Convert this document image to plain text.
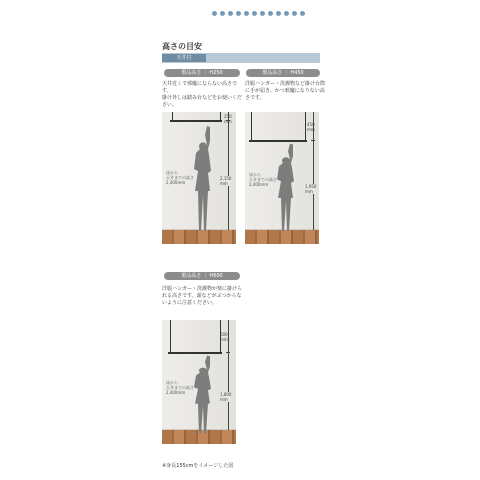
高さの目安
天井付
製品高さ ｜ H250
天井近くで邪魔にならない高さです。
掛け外しは踏み台などをお使いください。
床から
天井までの高さ
2,400mm
250
mm
2,150
mm
製品高さ ｜ H450
洋服ハンガー・洗濯物など掛け台際に手が届き、かつ邪魔になりない高さです。
床から
天井までの高さ
2,400mm
450
mm
1,950
mm
製品高さ ｜ H600
洋服ハンガー・洗濯物が楽に掛けられる高さです。頭などがぶつからないように注意ください。
床から
天井までの高さ
2,400mm
600
mm
1,800
mm
※身長155cmをイメージした図
